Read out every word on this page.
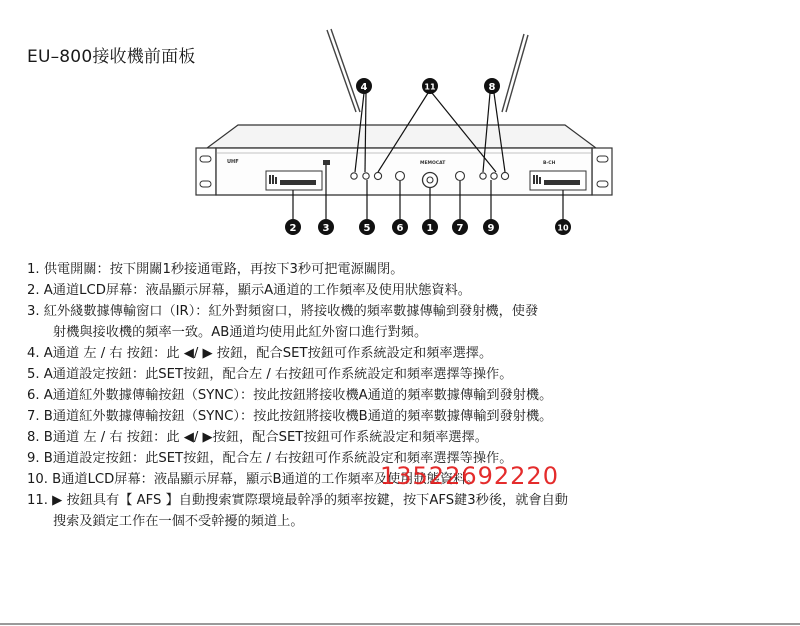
EU–800接收機前面板
UHF	MEMOCAT	B-CH
4	11	8
2	3	5	6 1 7 9	10
1. 供電開關：按下開關1秒接通電路，再按下3秒可把電源關閉。
2. A通道LCD屏幕：液晶顯示屏幕，顯示A通道的工作頻率及使用狀態資料。
3. 紅外綫數據傳輸窗口（IR）：紅外對頻窗口，將接收機的頻率數據傳輸到發射機，使發
射機與接收機的頻率一致。AB通道均使用此紅外窗口進行對頻。
4. A通道 左 / 右 按鈕：此 ◀/ ▶ 按鈕，配合SET按鈕可作系統設定和頻率選擇。
5. A通道設定按鈕：此SET按鈕，配合左 / 右按鈕可作系統設定和頻率選擇等操作。
6. A通道紅外數據傳輸按鈕（SYNC）：按此按鈕將接收機A通道的頻率數據傳輸到發射機。
7. B通道紅外數據傳輸按鈕（SYNC）：按此按鈕將接收機B通道的頻率數據傳輸到發射機。
8. B通道 左 / 右 按鈕：此 ◀/ ▶按鈕，配合SET按鈕可作系統設定和頻率選擇。
9. B通道設定按鈕：此SET按鈕，配合左 / 右按鈕可作系統設定和頻率選擇等操作。
10. B通道LCD屏幕：液晶顯示屏幕，顯示B通道的工作頻率及使用狀態資料。
11. ▶ 按鈕具有【 AFS 】自動搜索實際環境最幹凈的頻率按鍵，按下AFS鍵3秒後，就會自動
搜索及鎖定工作在一個不受幹擾的頻道上。
13522692220
